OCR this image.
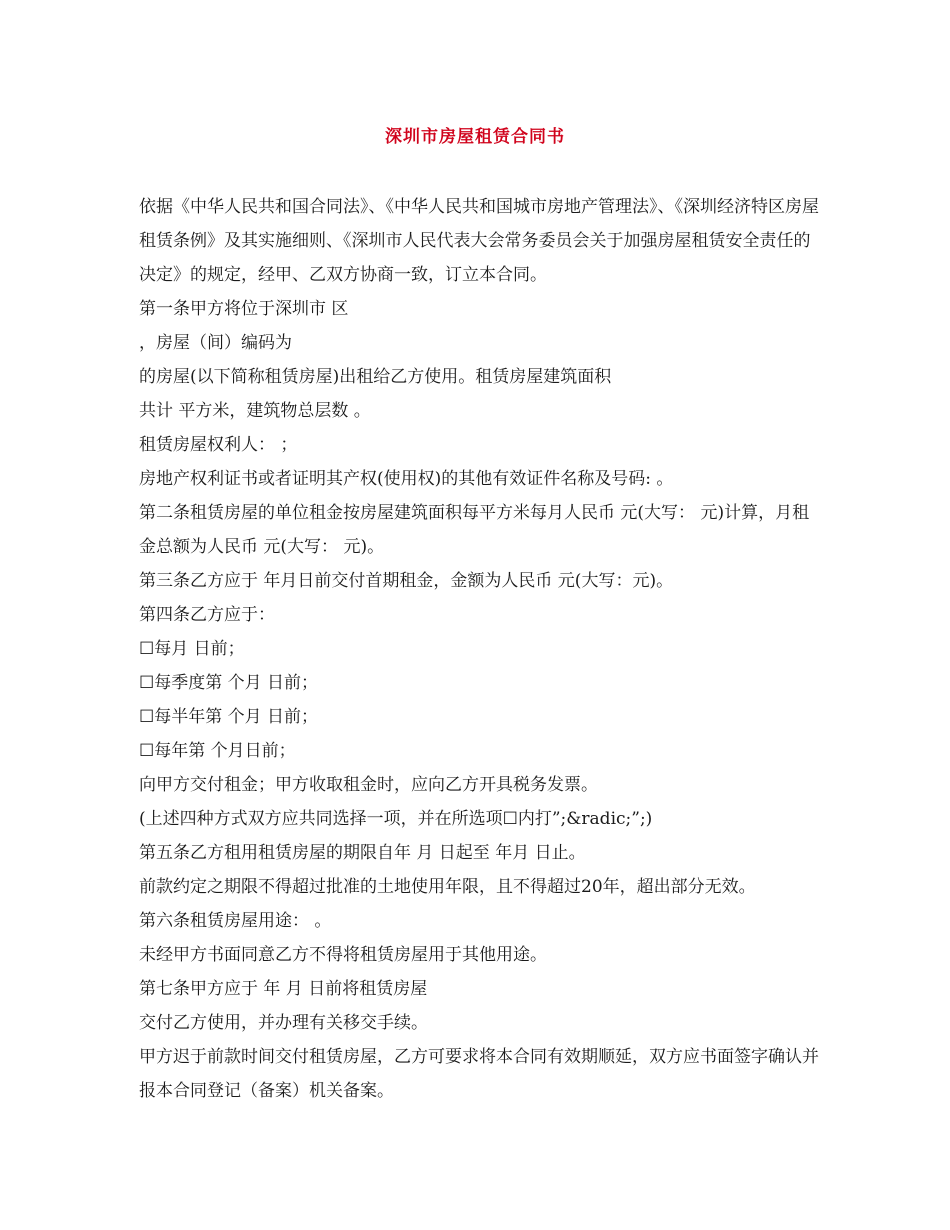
深圳市房屋租赁合同书

依据《中华人民共和国合同法》、《中华人民共和国城市房地产管理法》、《深圳经济特区房屋租赁条例》及其实施细则、《深圳市人民代表大会常务委员会关于加强房屋租赁安全责任的决定》的规定，经甲、乙双方协商一致，订立本合同。

第一条甲方将位于深圳市 区

，房屋（间）编码为

的房屋(以下简称租赁房屋)出租给乙方使用。租赁房屋建筑面积

共计 平方米，建筑物总层数 。

租赁房屋权利人： ；

房地产权利证书或者证明其产权(使用权)的其他有效证件名称及号码: 。

第二条租赁房屋的单位租金按房屋建筑面积每平方米每月人民币 元(大写： 元)计算，月租金总额为人民币 元(大写： 元)。

第三条乙方应于 年月日前交付首期租金，金额为人民币 元(大写：元)。

第四条乙方应于：

☐每月 日前；

☐每季度第 个月 日前；

☐每半年第 个月 日前；

☐每年第 个月日前；

向甲方交付租金；甲方收取租金时，应向乙方开具税务发票。

(上述四种方式双方应共同选择一项，并在所选项☐内打”;&radic;”;)

第五条乙方租用租赁房屋的期限自年 月 日起至 年月 日止。

前款约定之期限不得超过批准的土地使用年限，且不得超过20年，超出部分无效。

第六条租赁房屋用途： 。

未经甲方书面同意乙方不得将租赁房屋用于其他用途。

第七条甲方应于 年 月 日前将租赁房屋

交付乙方使用，并办理有关移交手续。

甲方迟于前款时间交付租赁房屋，乙方可要求将本合同有效期顺延，双方应书面签字确认并报本合同登记（备案）机关备案。
